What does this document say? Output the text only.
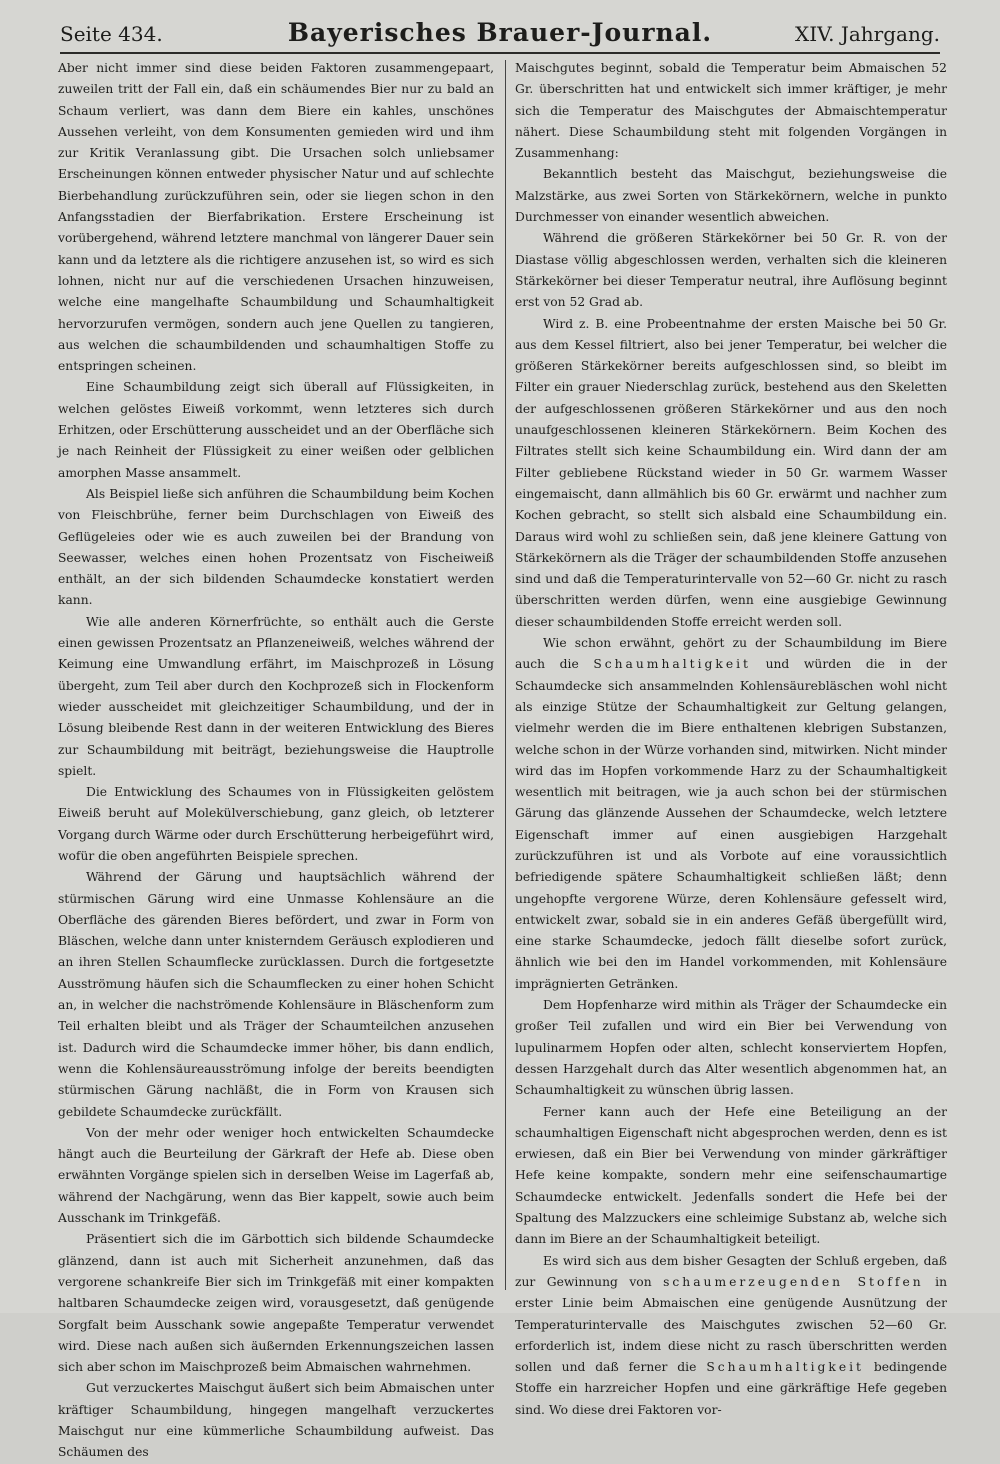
Seite 434.	Bayerisches Brauer-Journal.	XIV. Jahrgang.

Aber nicht immer sind diese beiden Faktoren zusammengepaart, zuweilen tritt der Fall ein, daß ein schäumendes Bier nur zu bald an Schaum verliert, was dann dem Biere ein kahles, unschönes Aussehen verleiht, von dem Konsumenten gemieden wird und ihm zur Kritik Veranlassung gibt. Die Ursachen solch unliebsamer Erscheinungen können entweder physischer Natur und auf schlechte Bierbehandlung zurückzuführen sein, oder sie liegen schon in den Anfangsstadien der Bierfabrikation. Erstere Erscheinung ist vorübergehend, während letztere manchmal von längerer Dauer sein kann und da letztere als die richtigere anzusehen ist, so wird es sich lohnen, nicht nur auf die verschiedenen Ursachen hinzuweisen, welche eine mangelhafte Schaumbildung und Schaumhaltigkeit hervorzurufen vermögen, sondern auch jene Quellen zu tangieren, aus welchen die schaumbildenden und schaumhaltigen Stoffe zu entspringen scheinen.

Eine Schaumbildung zeigt sich überall auf Flüssigkeiten, in welchen gelöstes Eiweiß vorkommt, wenn letzteres sich durch Erhitzen, oder Erschütterung ausscheidet und an der Oberfläche sich je nach Reinheit der Flüssigkeit zu einer weißen oder gelblichen amorphen Masse ansammelt.

Als Beispiel ließe sich anführen die Schaumbildung beim Kochen von Fleischbrühe, ferner beim Durchschlagen von Eiweiß des Geflügeleies oder wie es auch zuweilen bei der Brandung von Seewasser, welches einen hohen Prozentsatz von Fischeiweiß enthält, an der sich bildenden Schaumdecke konstatiert werden kann.

Wie alle anderen Körnerfrüchte, so enthält auch die Gerste einen gewissen Prozentsatz an Pflanzeneiweiß, welches während der Keimung eine Umwandlung erfährt, im Maischprozeß in Lösung übergeht, zum Teil aber durch den Kochprozeß sich in Flockenform wieder ausscheidet mit gleichzeitiger Schaumbildung, und der in Lösung bleibende Rest dann in der weiteren Entwicklung des Bieres zur Schaumbildung mit beiträgt, beziehungsweise die Hauptrolle spielt.

Die Entwicklung des Schaumes von in Flüssigkeiten gelöstem Eiweiß beruht auf Molekülverschiebung, ganz gleich, ob letzterer Vorgang durch Wärme oder durch Erschütterung herbeigeführt wird, wofür die oben angeführten Beispiele sprechen.

Während der Gärung und hauptsächlich während der stürmischen Gärung wird eine Unmasse Kohlensäure an die Oberfläche des gärenden Bieres befördert, und zwar in Form von Bläschen, welche dann unter knisterndem Geräusch explodieren und an ihren Stellen Schaumflecke zurücklassen. Durch die fortgesetzte Ausströmung häufen sich die Schaumflecken zu einer hohen Schicht an, in welcher die nachströmende Kohlensäure in Bläschenform zum Teil erhalten bleibt und als Träger der Schaumteilchen anzusehen ist. Dadurch wird die Schaumdecke immer höher, bis dann endlich, wenn die Kohlensäureausströmung infolge der bereits beendigten stürmischen Gärung nachläßt, die in Form von Krausen sich gebildete Schaumdecke zurückfällt.

Von der mehr oder weniger hoch entwickelten Schaumdecke hängt auch die Beurteilung der Gärkraft der Hefe ab. Diese oben erwähnten Vorgänge spielen sich in derselben Weise im Lagerfaß ab, während der Nachgärung, wenn das Bier kappelt, sowie auch beim Ausschank im Trinkgefäß.

Präsentiert sich die im Gärbottich sich bildende Schaumdecke glänzend, dann ist auch mit Sicherheit anzunehmen, daß das vergorene schankreife Bier sich im Trinkgefäß mit einer kompakten haltbaren Schaumdecke zeigen wird, vorausgesetzt, daß genügende Sorgfalt beim Ausschank sowie angepaßte Temperatur verwendet wird. Diese nach außen sich äußernden Erkennungszeichen lassen sich aber schon im Maischprozeß beim Abmaischen wahrnehmen.

Gut verzuckertes Maischgut äußert sich beim Abmaischen unter kräftiger Schaumbildung, hingegen mangelhaft verzuckertes Maischgut nur eine kümmerliche Schaumbildung aufweist. Das Schäumen des

Maischgutes beginnt, sobald die Temperatur beim Abmaischen 52 Gr. überschritten hat und entwickelt sich immer kräftiger, je mehr sich die Temperatur des Maischgutes der Abmaischtemperatur nähert. Diese Schaumbildung steht mit folgenden Vorgängen in Zusammenhang:

Bekanntlich besteht das Maischgut, beziehungsweise die Malzstärke, aus zwei Sorten von Stärkekörnern, welche in punkto Durchmesser von einander wesentlich abweichen.

Während die größeren Stärkekörner bei 50 Gr. R. von der Diastase völlig abgeschlossen werden, verhalten sich die kleineren Stärkekörner bei dieser Temperatur neutral, ihre Auflösung beginnt erst von 52 Grad ab.

Wird z. B. eine Probeentnahme der ersten Maische bei 50 Gr. aus dem Kessel filtriert, also bei jener Temperatur, bei welcher die größeren Stärkekörner bereits aufgeschlossen sind, so bleibt im Filter ein grauer Niederschlag zurück, bestehend aus den Skeletten der aufgeschlossenen größeren Stärkekörner und aus den noch unaufgeschlossenen kleineren Stärkekörnern. Beim Kochen des Filtrates stellt sich keine Schaumbildung ein. Wird dann der am Filter gebliebene Rückstand wieder in 50 Gr. warmem Wasser eingemaischt, dann allmählich bis 60 Gr. erwärmt und nachher zum Kochen gebracht, so stellt sich alsbald eine Schaumbildung ein. Daraus wird wohl zu schließen sein, daß jene kleinere Gattung von Stärkekörnern als die Träger der schaumbildenden Stoffe anzusehen sind und daß die Temperaturintervalle von 52—60 Gr. nicht zu rasch überschritten werden dürfen, wenn eine ausgiebige Gewinnung dieser schaumbildenden Stoffe erreicht werden soll.

Wie schon erwähnt, gehört zu der Schaumbildung im Biere auch die Schaumhaltigkeit und würden die in der Schaumdecke sich ansammelnden Kohlensäurebläschen wohl nicht als einzige Stütze der Schaumhaltigkeit zur Geltung gelangen, vielmehr werden die im Biere enthaltenen klebrigen Substanzen, welche schon in der Würze vorhanden sind, mitwirken. Nicht minder wird das im Hopfen vorkommende Harz zu der Schaumhaltigkeit wesentlich mit beitragen, wie ja auch schon bei der stürmischen Gärung das glänzende Aussehen der Schaumdecke, welch letztere Eigenschaft immer auf einen ausgiebigen Harzgehalt zurückzuführen ist und als Vorbote auf eine voraussichtlich befriedigende spätere Schaumhaltigkeit schließen läßt; denn ungehopfte vergorene Würze, deren Kohlensäure gefesselt wird, entwickelt zwar, sobald sie in ein anderes Gefäß übergefüllt wird, eine starke Schaumdecke, jedoch fällt dieselbe sofort zurück, ähnlich wie bei den im Handel vorkommenden, mit Kohlensäure imprägnierten Getränken.

Dem Hopfenharze wird mithin als Träger der Schaumdecke ein großer Teil zufallen und wird ein Bier bei Verwendung von lupulinarmem Hopfen oder alten, schlecht konserviertem Hopfen, dessen Harzgehalt durch das Alter wesentlich abgenommen hat, an Schaumhaltigkeit zu wünschen übrig lassen.

Ferner kann auch der Hefe eine Beteiligung an der schaumhaltigen Eigenschaft nicht abgesprochen werden, denn es ist erwiesen, daß ein Bier bei Verwendung von minder gärkräftiger Hefe keine kompakte, sondern mehr eine seifenschaumartige Schaumdecke entwickelt. Jedenfalls sondert die Hefe bei der Spaltung des Malzzuckers eine schleimige Substanz ab, welche sich dann im Biere an der Schaumhaltigkeit beteiligt.

Es wird sich aus dem bisher Gesagten der Schluß ergeben, daß zur Gewinnung von schaumerzeugenden Stoffen in erster Linie beim Abmaischen eine genügende Ausnützung der Temperaturintervalle des Maischgutes zwischen 52—60 Gr. erforderlich ist, indem diese nicht zu rasch überschritten werden sollen und daß ferner die Schaumhaltigkeit bedingende Stoffe ein harzreicher Hopfen und eine gärkräftige Hefe gegeben sind. Wo diese drei Faktoren vor-
